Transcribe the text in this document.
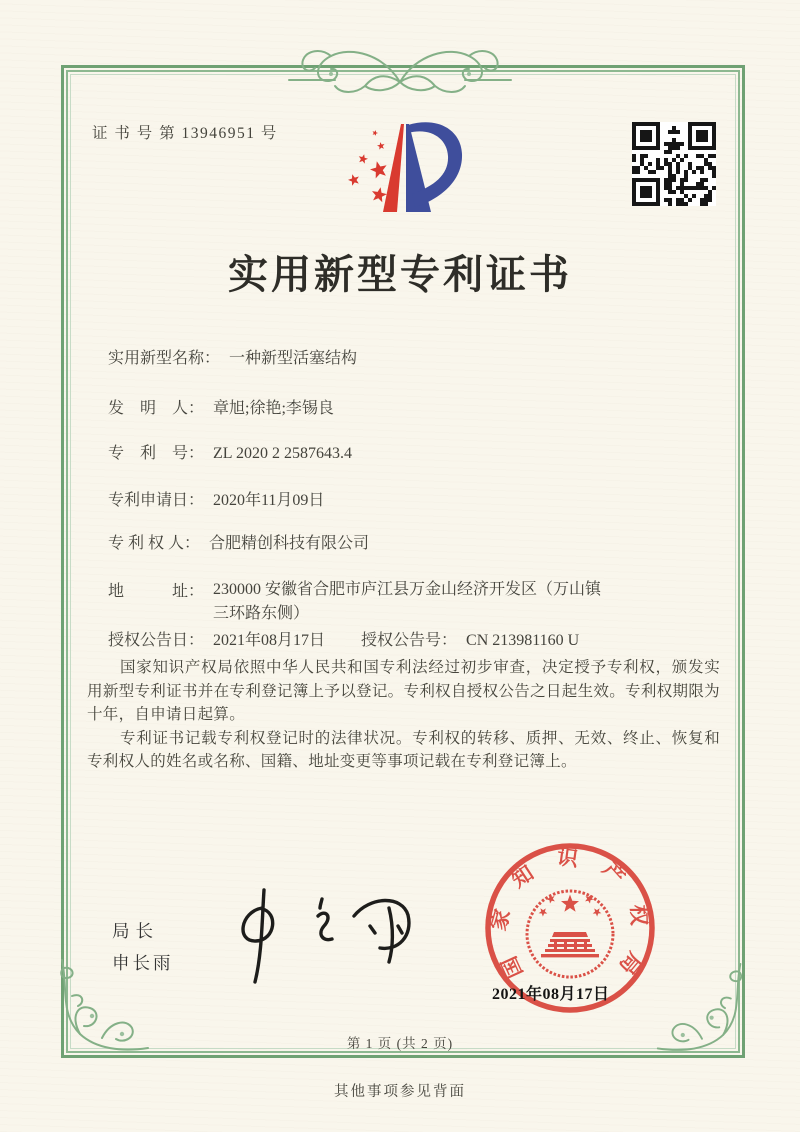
证 书 号 第 13946951 号
实用新型专利证书
实用新型名称： 一种新型活塞结构
发　明　人： 章旭;徐艳;李锡良
专　利　号： ZL 2020 2 2587643.4
专利申请日： 2020年11月09日
专 利 权 人： 合肥精创科技有限公司
地　　　址： 230000 安徽省合肥市庐江县万金山经济开发区（万山镇
三环路东侧）
授权公告日： 2021年08月17日 授权公告号： CN 213981160 U

国家知识产权局依照中华人民共和国专利法经过初步审查，决定授予专利权，颁发实用新型专利证书并在专利登记簿上予以登记。专利权自授权公告之日起生效。专利权期限为十年，自申请日起算。

专利证书记载专利权登记时的法律状况。专利权的转移、质押、无效、终止、恢复和专利权人的姓名或名称、国籍、地址变更等事项记载在专利登记簿上。

局长
申长雨	国家知识产权局
2021年08月17日
第 1 页 (共 2 页)
其他事项参见背面
